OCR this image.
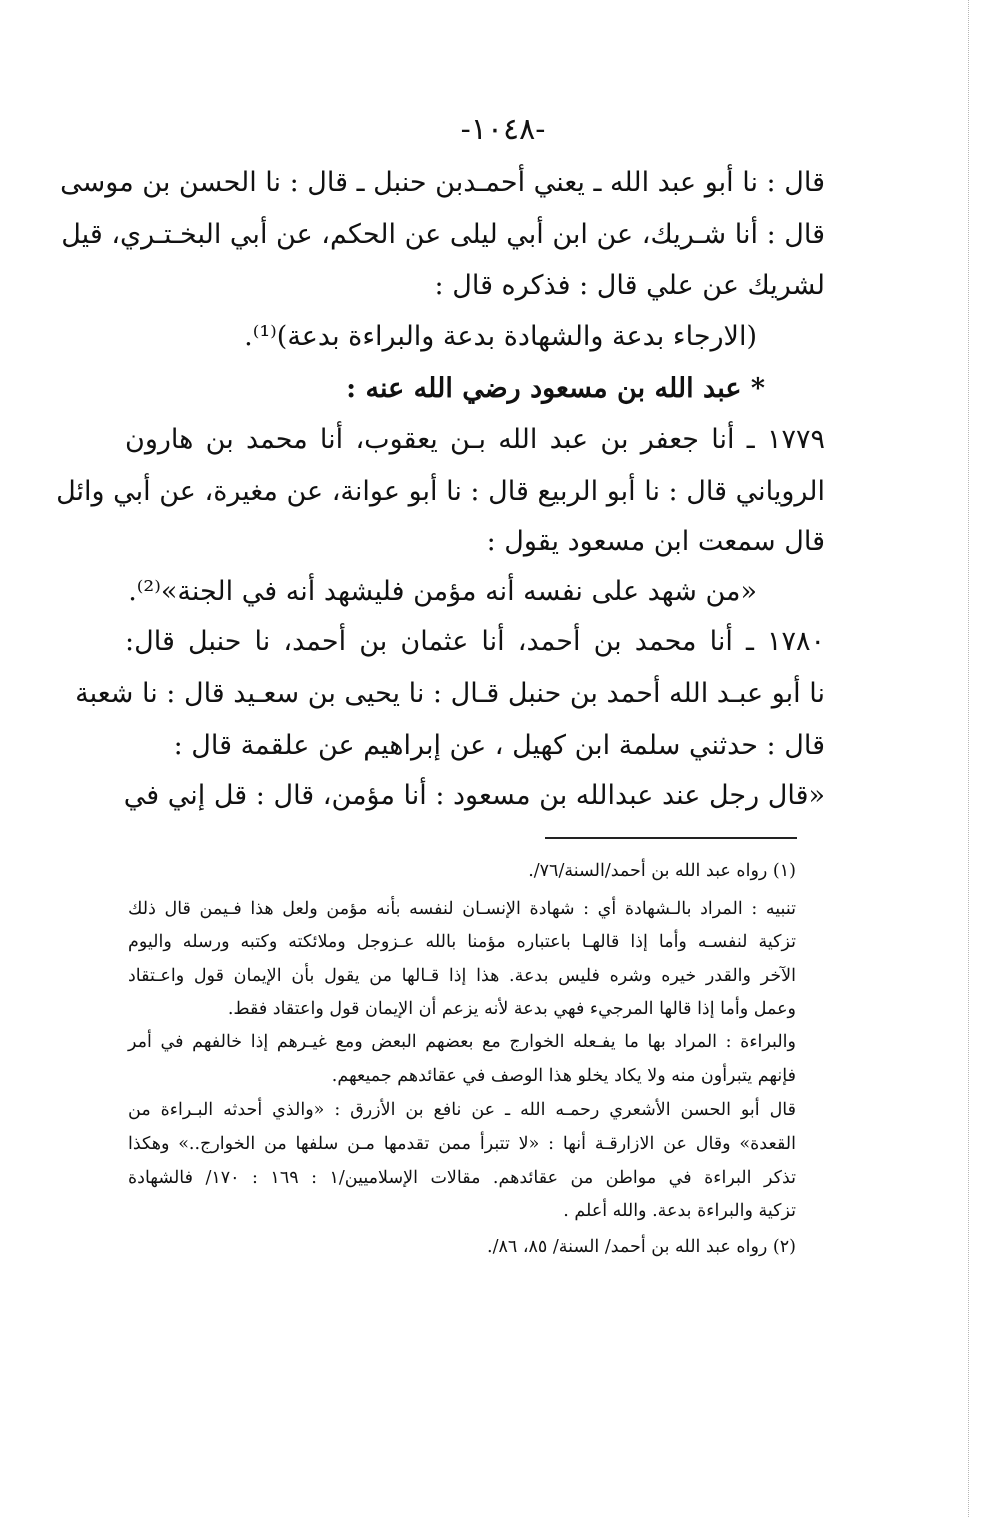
-١٠٤٨-
قال : نا أبو عبد الله ـ يعني أحمـدبن حنبل ـ قال : نا الحسن بن موسى
قال : أنا شـريك، عن ابن أبي ليلى عن الحكم، عن أبي البخـتـري، قيل
لشريك عن علي قال : فذكره قال :
(الارجاء بدعة والشهادة بدعة والبراءة بدعة)⁽¹⁾.
* عبد الله بن مسعود رضي الله عنه :
١٧٧٩ ـ أنا جعفر بن عبد الله بـن يعقوب، أنا محمد بن هارون
الروياني قال : نا أبو الربيع قال : نا أبو عوانة، عن مغيرة، عن أبي وائل
قال سمعت ابن مسعود يقول :
«من شهد على نفسه أنه مؤمن فليشهد أنه في الجنة»⁽²⁾.
١٧٨٠ ـ أنا محمد بن أحمد، أنا عثمان بن أحمد، نا حنبل قال:
نا أبو عبـد الله أحمد بن حنبل قـال : نا يحيى بن سعـيد قال : نا شعبة
قال : حدثني سلمة ابن كهيل ، عن إبراهيم عن علقمة قال :
«قال رجل عند عبدالله بن مسعود : أنا مؤمن، قال : قل إني في
(١) رواه عبد الله بن أحمد/السنة/٧٦/.
تنبيه : المراد بالـشهادة أي : شهادة الإنسـان لنفسه بأنه مؤمن ولعل هذا فـيمن قال ذلك
تزكية لنفسـه وأما إذا قالهـا باعتباره مؤمنا بالله عـزوجل وملائكته وكتبه ورسله واليوم
الآخر والقدر خيره وشره فليس بدعة. هذا إذا قـالها من يقول بأن الإيمان قول واعـتقاد
وعمل وأما إذا قالها المرجيء فهي بدعة لأنه يزعم أن الإيمان قول واعتقاد فقط.
والبراءة : المراد بها ما يفـعله الخوارج مع بعضهم البعض ومع غيـرهم إذا خالفهم في أمر
فإنهم يتبرأون منه ولا يكاد يخلو هذا الوصف في عقائدهم جميعهم.
قال أبو الحسن الأشعري رحمـه الله ـ عن نافع بن الأزرق : «والذي أحدثه البـراءة من
القعدة» وقال عن الازارقـة أنها : «لا تتبرأ ممن تقدمها مـن سلفها من الخوارج..» وهكذا
تذكر البراءة في مواطن من عقائدهم. مقالات الإسلاميين/١ : ١٦٩ : ١٧٠/ فالشهادة
تزكية والبراءة بدعة. والله أعلم .
(٢) رواه عبد الله بن أحمد/ السنة/ ٨٥، ٨٦/.
